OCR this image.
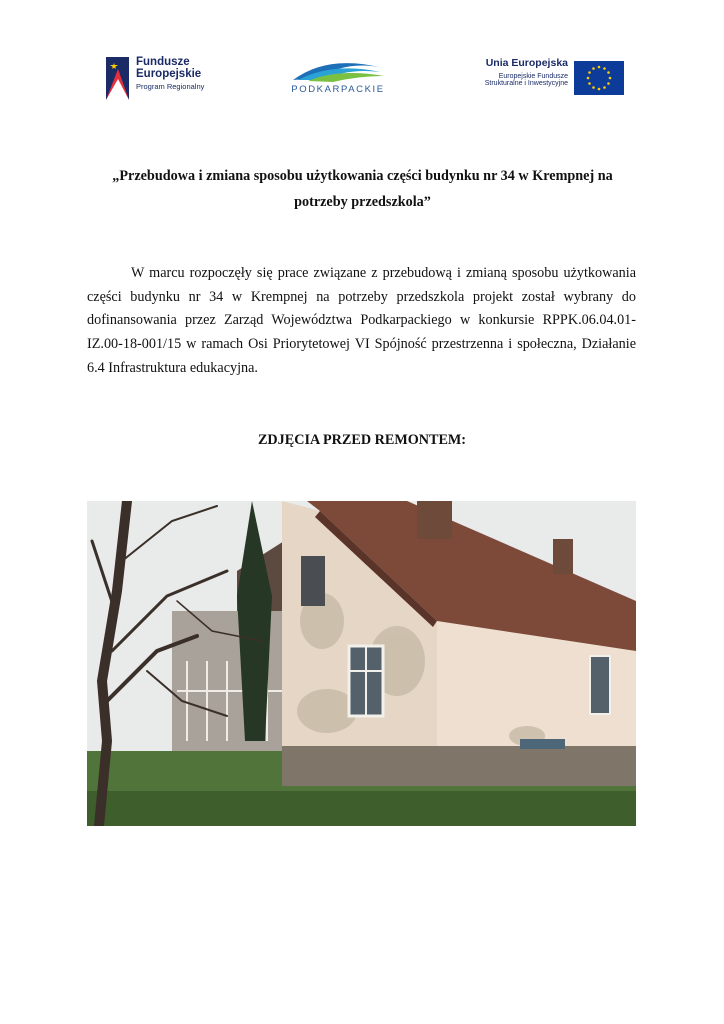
Fundusze
Europejskie
Program Regionalny	PODKARPACKIE
Unia Europejska
Europejskie Fundusze
Strukturalne i Inwestycyjne
„Przebudowa i zmiana sposobu użytkowania części budynku nr 34 w Krempnej na
potrzeby przedszkola”

W marcu rozpoczęły się prace związane z przebudową i zmianą sposobu użytkowania części budynku nr 34 w Krempnej na potrzeby przedszkola projekt został wybrany do dofinansowania przez Zarząd Województwa Podkarpackiego w konkursie RPPK.06.04.01-IZ.00-18-001/15 w ramach Osi Priorytetowej VI Spójność przestrzenna i społeczna, Działanie 6.4 Infrastruktura edukacyjna.

ZDJĘCIA PRZED REMONTEM:
